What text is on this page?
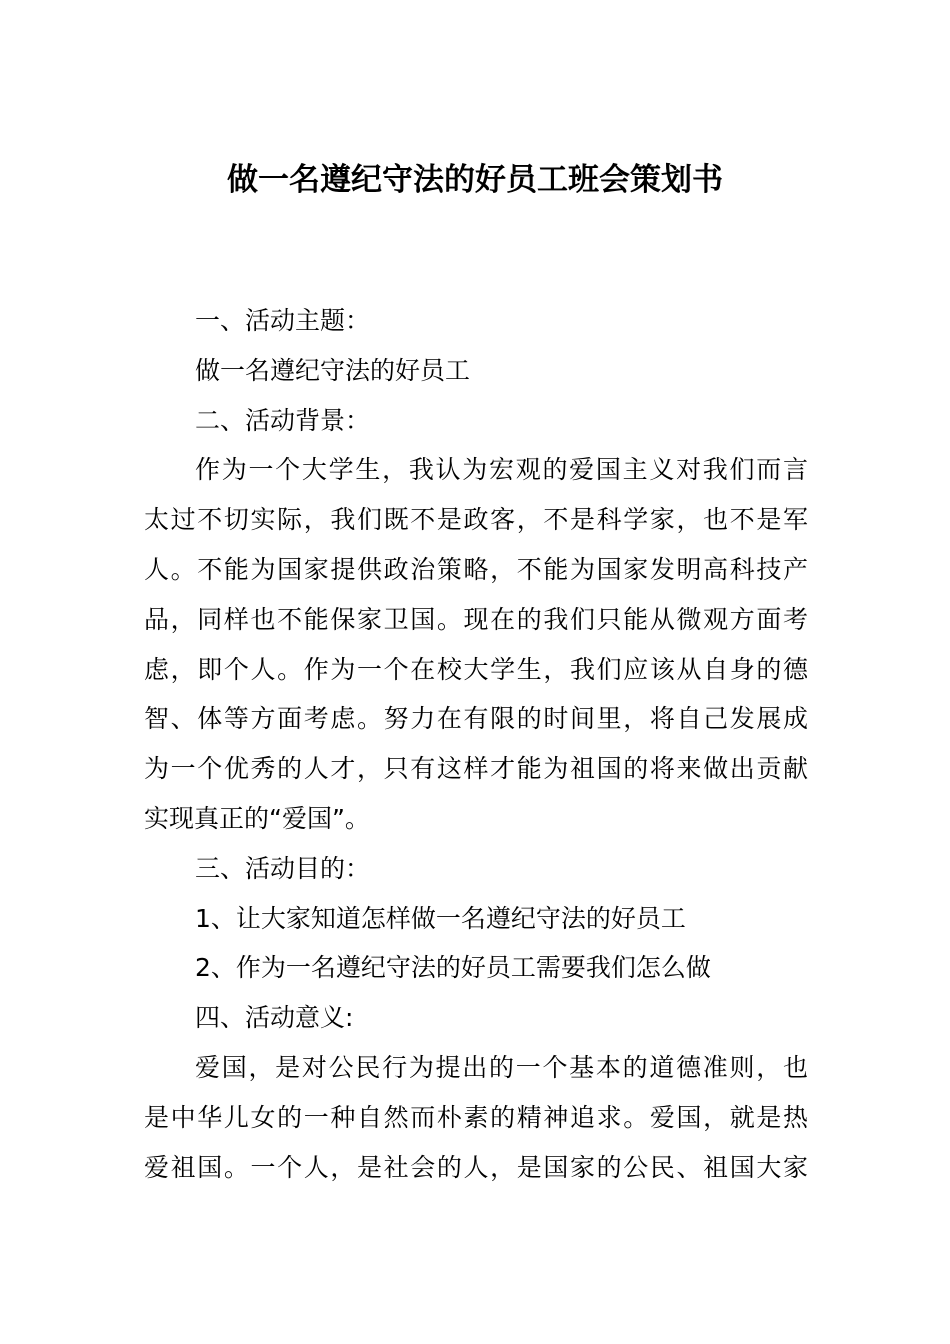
做一名遵纪守法的好员工班会策划书
一、活动主题：
做一名遵纪守法的好员工
二、活动背景：
作为一个大学生，我认为宏观的爱国主义对我们而言
太过不切实际，我们既不是政客，不是科学家，也不是军
人。不能为国家提供政治策略，不能为国家发明高科技产
品，同样也不能保家卫国。现在的我们只能从微观方面考
虑，即个人。作为一个在校大学生，我们应该从自身的德
智、体等方面考虑。努力在有限的时间里，将自己发展成
为一个优秀的人才，只有这样才能为祖国的将来做出贡献
实现真正的“爱国”。
三、活动目的：
1、让大家知道怎样做一名遵纪守法的好员工
2、作为一名遵纪守法的好员工需要我们怎么做
四、活动意义:
爱国，是对公民行为提出的一个基本的道德准则，也
是中华儿女的一种自然而朴素的精神追求。爱国，就是热
爱祖国。一个人，是社会的人，是国家的公民、祖国大家
